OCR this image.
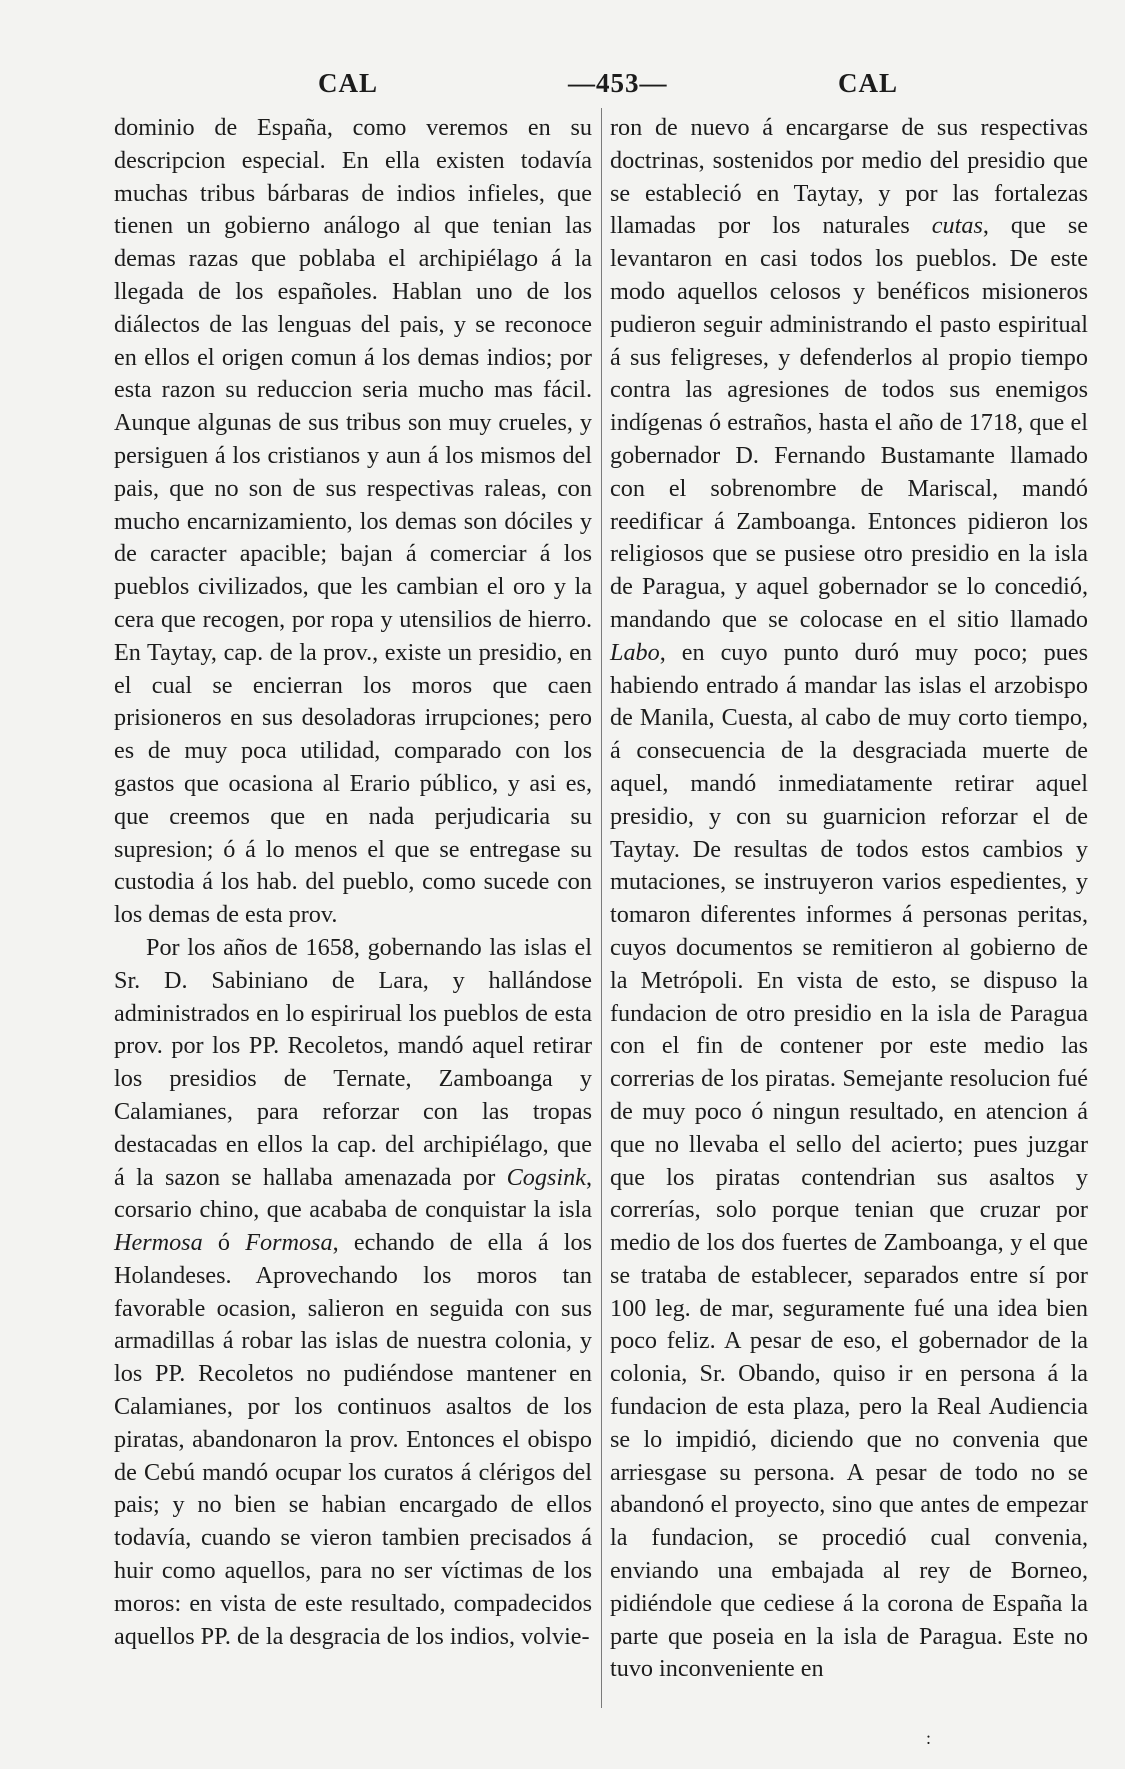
CAL	—453—	CAL

dominio de España, como veremos en su descripcion especial. En ella existen todavía muchas tribus bárbaras de indios infieles, que tienen un gobierno análogo al que tenian las demas razas que poblaba el archipiélago á la llegada de los españoles. Hablan uno de los diálectos de las lenguas del pais, y se reconoce en ellos el origen comun á los demas indios; por esta razon su reduccion seria mucho mas fácil. Aunque algunas de sus tribus son muy crueles, y persiguen á los cristianos y aun á los mismos del pais, que no son de sus respectivas raleas, con mucho encarnizamiento, los demas son dóciles y de caracter apacible; bajan á comerciar á los pueblos civilizados, que les cambian el oro y la cera que recogen, por ropa y utensilios de hierro. En Taytay, cap. de la prov., existe un presidio, en el cual se encierran los moros que caen prisioneros en sus desoladoras irrupciones; pero es de muy poca utilidad, comparado con los gastos que ocasiona al Erario público, y asi es, que creemos que en nada perjudicaria su supresion; ó á lo menos el que se entregase su custodia á los hab. del pueblo, como sucede con los demas de esta prov.

Por los años de 1658, gobernando las islas el Sr. D. Sabiniano de Lara, y hallándose administrados en lo espirirual los pueblos de esta prov. por los PP. Recoletos, mandó aquel retirar los presidios de Ternate, Zamboanga y Calamianes, para reforzar con las tropas destacadas en ellos la cap. del archipiélago, que á la sazon se hallaba amenazada por Cogsink, corsario chino, que acababa de conquistar la isla Hermosa ó Formosa, echando de ella á los Holandeses. Aprovechando los moros tan favorable ocasion, salieron en seguida con sus armadillas á robar las islas de nuestra colonia, y los PP. Recoletos no pudiéndose mantener en Calamianes, por los continuos asaltos de los piratas, abandonaron la prov. Entonces el obispo de Cebú mandó ocupar los curatos á clérigos del pais; y no bien se habian encargado de ellos todavía, cuando se vieron tambien precisados á huir como aquellos, para no ser víctimas de los moros: en vista de este resultado, compadecidos aquellos PP. de la desgracia de los indios, volvie-

ron de nuevo á encargarse de sus respectivas doctrinas, sostenidos por medio del presidio que se estableció en Taytay, y por las fortalezas llamadas por los naturales cutas, que se levantaron en casi todos los pueblos. De este modo aquellos celosos y benéficos misioneros pudieron seguir administrando el pasto espiritual á sus feligreses, y defenderlos al propio tiempo contra las agresiones de todos sus enemigos indígenas ó estraños, hasta el año de 1718, que el gobernador D. Fernando Bustamante llamado con el sobrenombre de Mariscal, mandó reedificar á Zamboanga. Entonces pidieron los religiosos que se pusiese otro presidio en la isla de Paragua, y aquel gobernador se lo concedió, mandando que se colocase en el sitio llamado Labo, en cuyo punto duró muy poco; pues habiendo entrado á mandar las islas el arzobispo de Manila, Cuesta, al cabo de muy corto tiempo, á consecuencia de la desgraciada muerte de aquel, mandó inmediatamente retirar aquel presidio, y con su guarnicion reforzar el de Taytay. De resultas de todos estos cambios y mutaciones, se instruyeron varios espedientes, y tomaron diferentes informes á personas peritas, cuyos documentos se remitieron al gobierno de la Metrópoli. En vista de esto, se dispuso la fundacion de otro presidio en la isla de Paragua con el fin de contener por este medio las correrias de los piratas. Semejante resolucion fué de muy poco ó ningun resultado, en atencion á que no llevaba el sello del acierto; pues juzgar que los piratas contendrian sus asaltos y correrías, solo porque tenian que cruzar por medio de los dos fuertes de Zamboanga, y el que se trataba de establecer, separados entre sí por 100 leg. de mar, seguramente fué una idea bien poco feliz. A pesar de eso, el gobernador de la colonia, Sr. Obando, quiso ir en persona á la fundacion de esta plaza, pero la Real Audiencia se lo impidió, diciendo que no convenia que arriesgase su persona. A pesar de todo no se abandonó el proyecto, sino que antes de empezar la fundacion, se procedió cual convenia, enviando una embajada al rey de Borneo, pidiéndole que cediese á la corona de España la parte que poseia en la isla de Paragua. Este no tuvo inconveniente en

:
